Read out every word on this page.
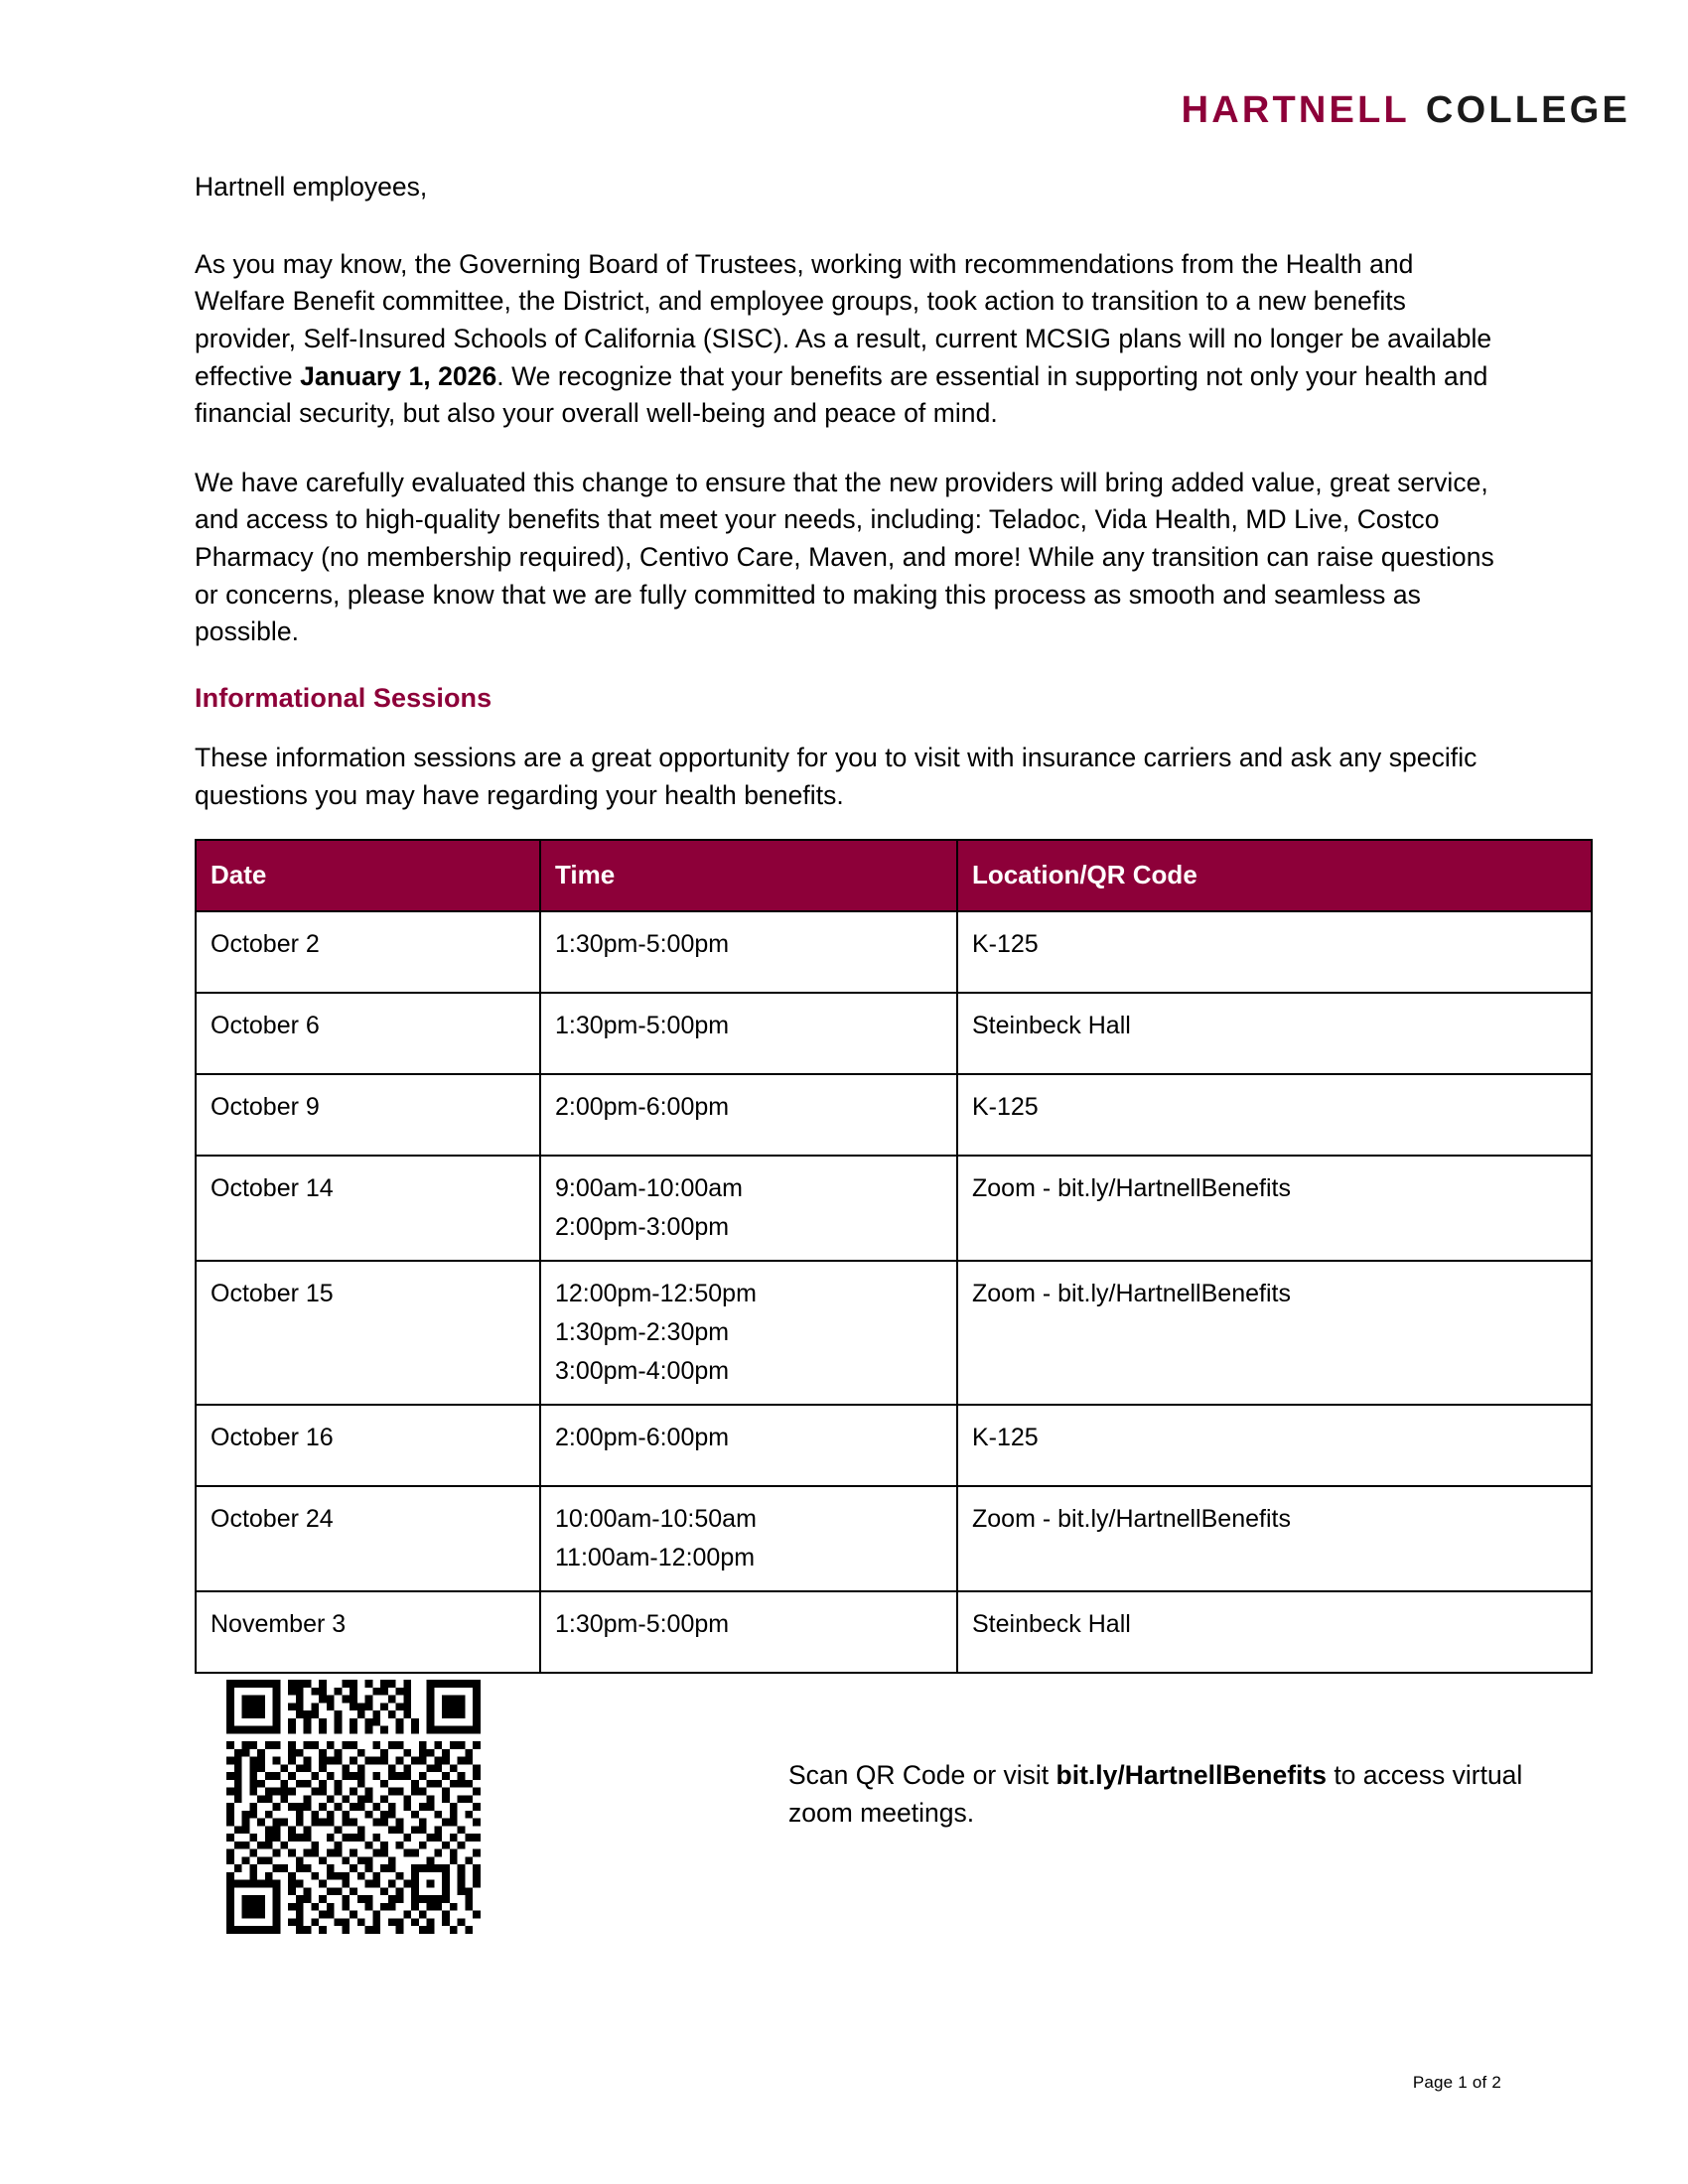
HARTNELL COLLEGE

Hartnell employees,

As you may know, the Governing Board of Trustees, working with recommendations from the Health and Welfare Benefit committee, the District, and employee groups, took action to transition to a new benefits provider, Self-Insured Schools of California (SISC). As a result, current MCSIG plans will no longer be available effective January 1, 2026. We recognize that your benefits are essential in supporting not only your health and financial security, but also your overall well-being and peace of mind.

We have carefully evaluated this change to ensure that the new providers will bring added value, great service, and access to high-quality benefits that meet your needs, including: Teladoc, Vida Health, MD Live, Costco Pharmacy (no membership required), Centivo Care, Maven, and more! While any transition can raise questions or concerns, please know that we are fully committed to making this process as smooth and seamless as possible.

Informational Sessions

These information sessions are a great opportunity for you to visit with insurance carriers and ask any specific questions you may have regarding your health benefits.

Date	Time	Location/QR Code
October 2	1:30pm-5:00pm	K-125
October 6	1:30pm-5:00pm	Steinbeck Hall
October 9	2:00pm-6:00pm	K-125
October 14	9:00am-10:00am
2:00pm-3:00pm	Zoom - bit.ly/HartnellBenefits
October 15	12:00pm-12:50pm
1:30pm-2:30pm
3:00pm-4:00pm	Zoom - bit.ly/HartnellBenefits
October 16	2:00pm-6:00pm	K-125
October 24	10:00am-10:50am
11:00am-12:00pm	Zoom - bit.ly/HartnellBenefits
November 3	1:30pm-5:00pm	Steinbeck Hall

Scan QR Code or visit bit.ly/HartnellBenefits to access virtual zoom meetings.

Page 1 of 2
